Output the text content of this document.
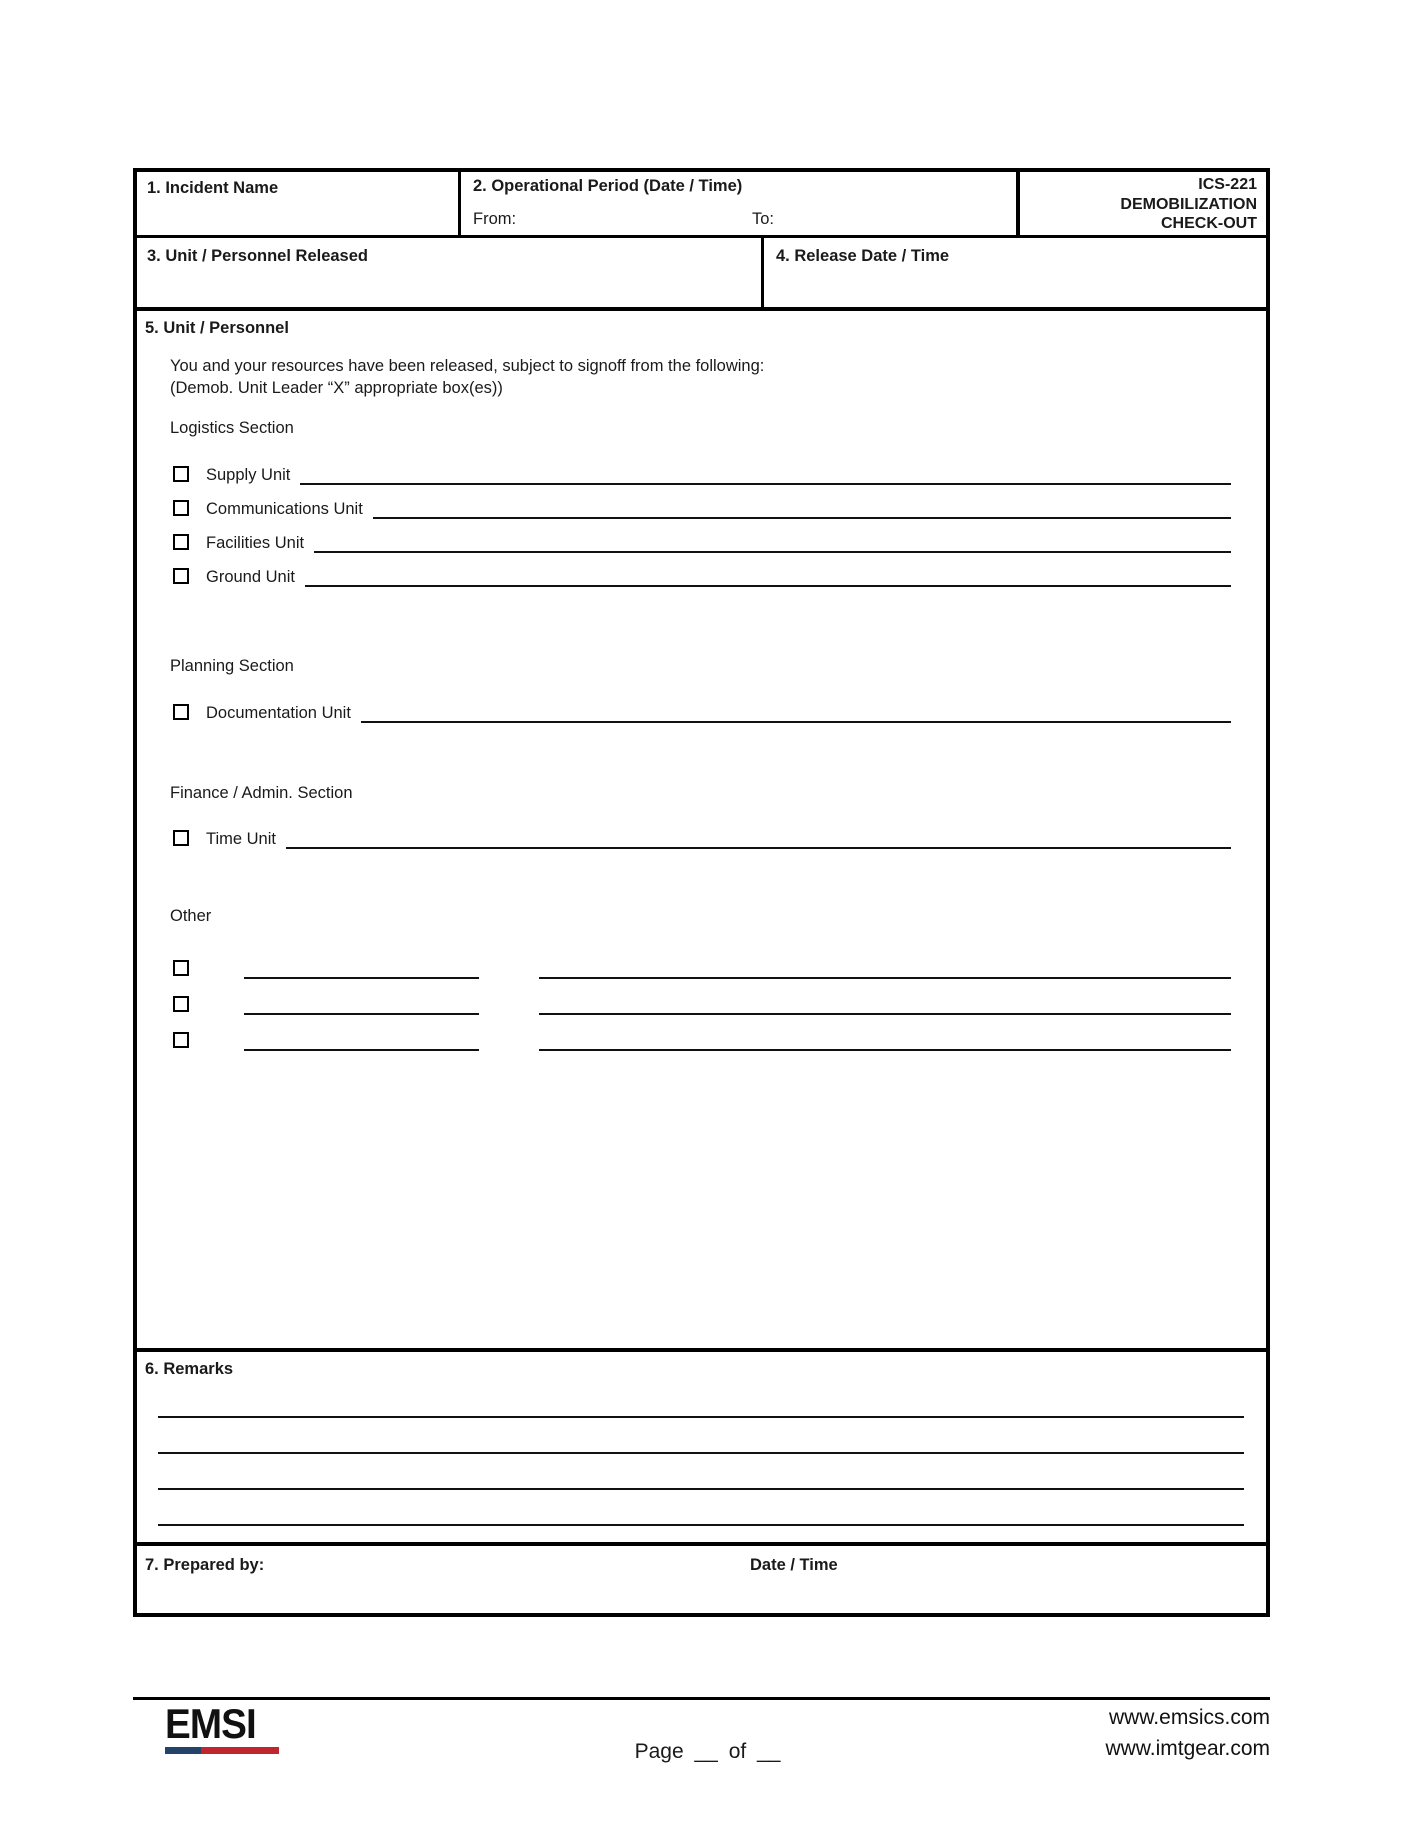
1. Incident Name	2. Operational Period (Date / Time)
From:	To:
ICS-221
DEMOBILIZATION
CHECK-OUT
3. Unit / Personnel Released	4. Release Date / Time
5. Unit / Personnel
You and your resources have been released, subject to signoff from the following:
(Demob. Unit Leader “X” appropriate box(es))
Logistics Section
Supply Unit
Communications Unit
Facilities Unit
Ground Unit
Planning Section
Documentation Unit
Finance / Admin. Section
Time Unit
Other
6. Remarks
7. Prepared by:	Date / Time
EMSI
Page __ of __
www.emsics.com
www.imtgear.com
